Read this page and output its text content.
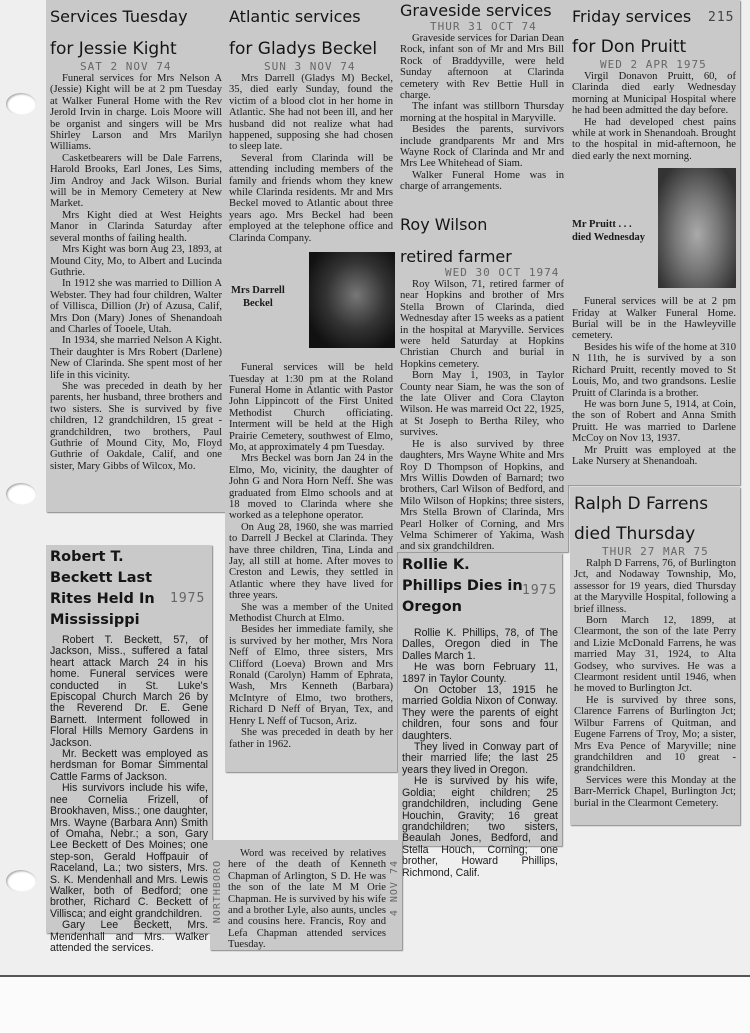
Services Tuesday
for Jessie Kight
SAT 2 NOV 74

Funeral services for Mrs Nelson A (Jessie) Kight will be at 2 pm Tuesday at Walker Funeral Home with the Rev Jerold Irvin in charge. Lois Moore will be organist and singers will be Mrs Shirley Larson and Mrs Marilyn Williams.

Casketbearers will be Dale Farrens, Harold Brooks, Earl Jones, Les Sims, Jim Androy and Jack Wilson. Burial will be in Memory Cemetery at New Market.

Mrs Kight died at West Heights Manor in Clarinda Saturday after several months of failing health.

Mrs Kight was born Aug 23, 1893, at Mound City, Mo, to Albert and Lucinda Guthrie.

In 1912 she was married to Dillion A Webster. They had four children, Walter of Villisca, Dillion (Jr) of Azusa, Calif, Mrs Don (Mary) Jones of Shenandoah and Charles of Tooele, Utah.

In 1934, she married Nelson A Kight. Their daughter is Mrs Robert (Darlene) New of Clarinda. She spent most of her life in this vicinity.

She was preceded in death by her parents, her husband, three brothers and two sisters. She is survived by five children, 12 grandchildren, 15 great - grandchildren, two brothers, Paul Guthrie of Mound City, Mo, Floyd Guthrie of Oakdale, Calif, and one sister, Mary Gibbs of Wilcox, Mo.

Atlantic services
for Gladys Beckel
SUN 3 NOV 74

Mrs Darrell (Gladys M) Beckel, 35, died early Sunday, found the victim of a blood clot in her home in Atlantic. She had not been ill, and her husband did not realize what had happened, supposing she had chosen to sleep late.

Several from Clarinda will be attending including members of the family and friends whom they knew while Clarinda residents. Mr and Mrs Beckel moved to Atlantic about three years ago. Mrs Beckel had been employed at the telephone office and Clarinda Company.

Mrs Darrell
Beckel

Funeral services will be held Tuesday at 1:30 pm at the Roland Funeral Home in Atlantic with Pastor John Lippincott of the First United Methodist Church officiating. Interment will be held at the High Prairie Cemetery, southwest of Elmo, Mo, at approximately 4 pm Tuesday.

Mrs Beckel was born Jan 24 in the Elmo, Mo, vicinity, the daughter of John G and Nora Horn Neff. She was graduated from Elmo schools and at 18 moved to Clarinda where she worked as a telephone operator.

On Aug 28, 1960, she was married to Darrell J Beckel at Clarinda. They have three children, Tina, Linda and Jay, all still at home. After moves to Creston and Lewis, they settled in Atlantic where they have lived for three years.

She was a member of the United Methodist Church at Elmo.

Besides her immediate family, she is survived by her mother, Mrs Nora Neff of Elmo, three sisters, Mrs Clifford (Loeva) Brown and Mrs Ronald (Carolyn) Hamm of Ephrata, Wash, Mrs Kenneth (Barbara) McIntyre of Elmo, two brothers, Richard D Neff of Bryan, Tex, and Henry L Neff of Tucson, Ariz.

She was preceded in death by her father in 1962.

Graveside services
THUR 31 OCT 74

Graveside services for Darian Dean Rock, infant son of Mr and Mrs Bill Rock of Braddyville, were held Sunday afternoon at Clarinda cemetery with Rev Bettie Hull in charge.

The infant was stillborn Thursday morning at the hospital in Maryville.

Besides the parents, survivors include grandparents Mr and Mrs Wayne Rock of Clarinda and Mr and Mrs Lee Whitehead of Siam.

Walker Funeral Home was in charge of arrangements.

Roy Wilson
retired farmer
WED 30 OCT 1974

Roy Wilson, 71, retired farmer of near Hopkins and brother of Mrs Stella Brown of Clarinda, died Wednesday after 15 weeks as a patient in the hospital at Maryville. Services were held Saturday at Hopkins Christian Church and burial in Hopkins cemetery.

Born May 1, 1903, in Taylor County near Siam, he was the son of the late Oliver and Cora Clayton Wilson. He was marreid Oct 22, 1925, at St Joseph to Bertha Riley, who survives.

He is also survived by three daughters, Mrs Wayne White and Mrs Roy D Thompson of Hopkins, and Mrs Willis Dowden of Barnard; two brothers, Carl Wilson of Bedford, and Milo Wilson of Hopkins; three sisters, Mrs Stella Brown of Clarinda, Mrs Pearl Holker of Corning, and Mrs Velma Schimerer of Yakima, Wash and six grandchildren.

Friday services
for Don Pruitt
WED 2 APR 1975

Virgil Donavon Pruitt, 60, of Clarinda died early Wednesday morning at Municipal Hospital where he had been admitted the day before.

He had developed chest pains while at work in Shenandoah. Brought to the hospital in mid-afternoon, he died early the next morning.

Mr Pruitt . . .
died Wednesday

Funeral services will be at 2 pm Friday at Walker Funeral Home. Burial will be in the Hawleyville cemetery.

Besides his wife of the home at 310 N 11th, he is survived by a son Richard Pruitt, recently moved to St Louis, Mo, and two grandsons. Leslie Pruitt of Clarinda is a brother.

He was born June 5, 1914, at Coin, the son of Robert and Anna Smith Pruitt. He was married to Darlene McCoy on Nov 13, 1937.

Mr Pruitt was employed at the Lake Nursery at Shenandoah.

215
Ralph D Farrens
died Thursday
THUR 27 MAR 75

Ralph D Farrens, 76, of Burlington Jct, and Nodaway Township, Mo, assessor for 19 years, died Thursday at the Maryville Hospital, following a brief illness.

Born March 12, 1899, at Clearmont, the son of the late Perry and Lizie McDonald Farrens, he was married May 31, 1924, to Alta Godsey, who survives. He was a Clearmont resident until 1946, when he moved to Burlington Jct.

He is survived by three sons, Clarence Farrens of Burlington Jct; Wilbur Farrens of Quitman, and Eugene Farrens of Troy, Mo; a sister, Mrs Eva Pence of Maryville; nine grandchildren and 10 great - grandchildren.

Services were this Monday at the Barr-Merrick Chapel, Burlington Jct; burial in the Clearmont Cemetery.

Robert T. Beckett Last Rites Held In Mississippi
1975

Robert T. Beckett, 57, of Jackson, Miss., suffered a fatal heart attack March 24 in his home. Funeral services were conducted in St. Luke's Episcopal Church March 26 by the Reverend Dr. E. Gene Barnett. Interment followed in Floral Hills Memory Gardens in Jackson.

Mr. Beckett was employed as herdsman for Bomar Simmental Cattle Farms of Jackson.

His survivors include his wife, nee Cornelia Frizell, of Brookhaven, Miss.; one daughter, Mrs. Wayne (Barbara Ann) Smith of Omaha, Nebr.; a son, Gary Lee Beckett of Des Moines; one step-son, Gerald Hoffpauir of Raceland, La.; two sisters, Mrs. S. K. Mendenhall and Mrs. Lewis Walker, both of Bedford; one brother, Richard C. Beckett of Villisca; and eight grandchildren.

Gary Lee Beckett, Mrs. Mendenhall and Mrs. Walker attended the services.

Rollie K. Phillips Dies in Oregon
1975

Rollie K. Phillips, 78, of The Dalles, Oregon died in The Dalles March 1.

He was born February 11, 1897 in Taylor County.

On October 13, 1915 he married Goldia Nixon of Conway. They were the parents of eight children, four sons and four daughters.

They lived in Conway part of their married life; the last 25 years they lived in Oregon.

He is survived by his wife, Goldia; eight children; 25 grandchildren, including Gene Houchin, Gravity; 16 great grandchildren; two sisters, Beaulah Jones, Bedford, and Stella Houch, Corning; one brother, Howard Phillips, Richmond, Calif.

NORTHBORO	4 NOV 74

Word was received by relatives here of the death of Kenneth Chapman of Arlington, S D. He was the son of the late M M Orie Chapman. He is survived by his wife and a brother Lyle, also aunts, uncles and cousins here. Francis, Roy and Lefa Chapman attended services Tuesday.
